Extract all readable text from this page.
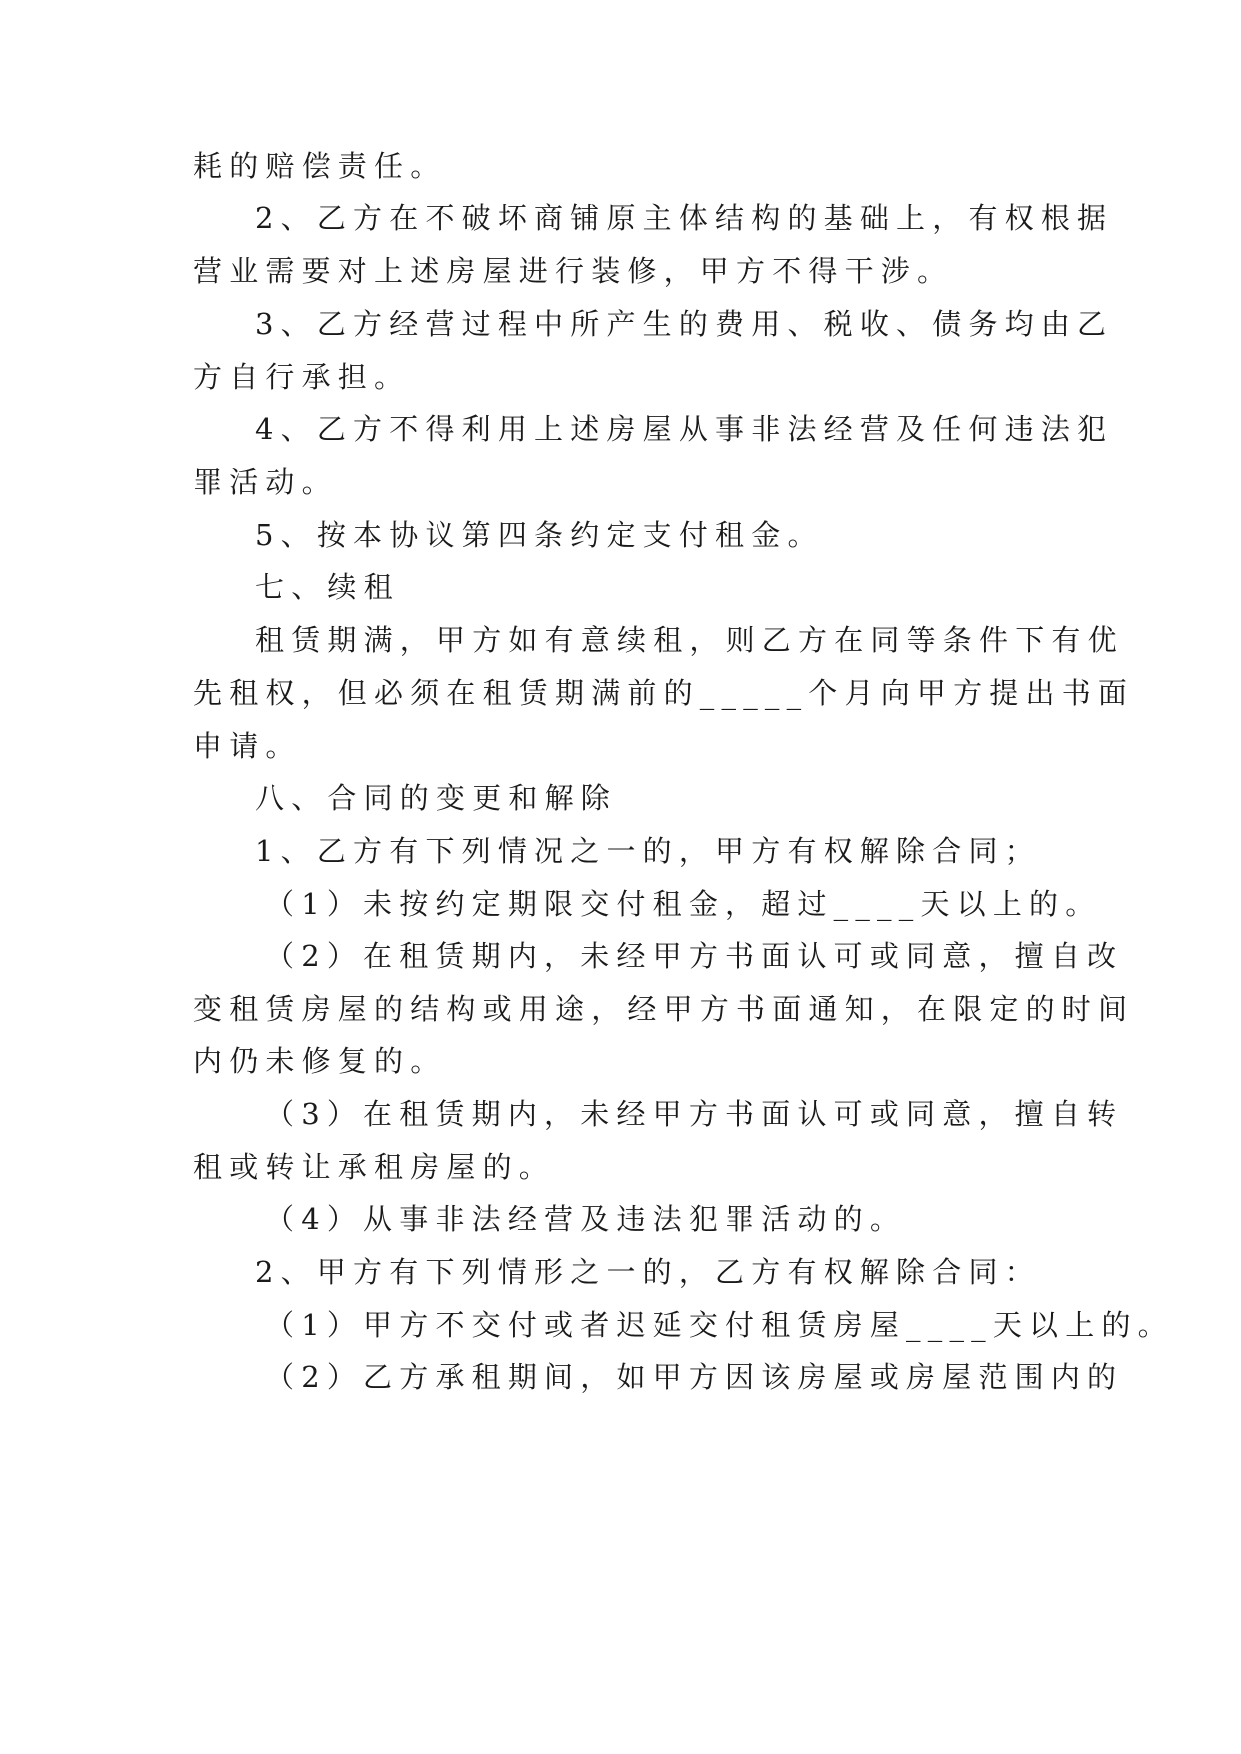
耗的赔偿责任。
2、乙方在不破坏商铺原主体结构的基础上，有权根据
营业需要对上述房屋进行装修，甲方不得干涉。
3、乙方经营过程中所产生的费用、税收、债务均由乙
方自行承担。
4、乙方不得利用上述房屋从事非法经营及任何违法犯
罪活动。
5、按本协议第四条约定支付租金。
七、续租
租赁期满，甲方如有意续租，则乙方在同等条件下有优
先租权，但必须在租赁期满前的_____个月向甲方提出书面
申请。
八、合同的变更和解除
1、乙方有下列情况之一的，甲方有权解除合同；
（1）未按约定期限交付租金，超过____天以上的。
（2）在租赁期内，未经甲方书面认可或同意，擅自改
变租赁房屋的结构或用途，经甲方书面通知，在限定的时间
内仍未修复的。
（3）在租赁期内，未经甲方书面认可或同意，擅自转
租或转让承租房屋的。
（4）从事非法经营及违法犯罪活动的。
2、甲方有下列情形之一的，乙方有权解除合同：
（1）甲方不交付或者迟延交付租赁房屋____天以上的。
（2）乙方承租期间，如甲方因该房屋或房屋范围内的
